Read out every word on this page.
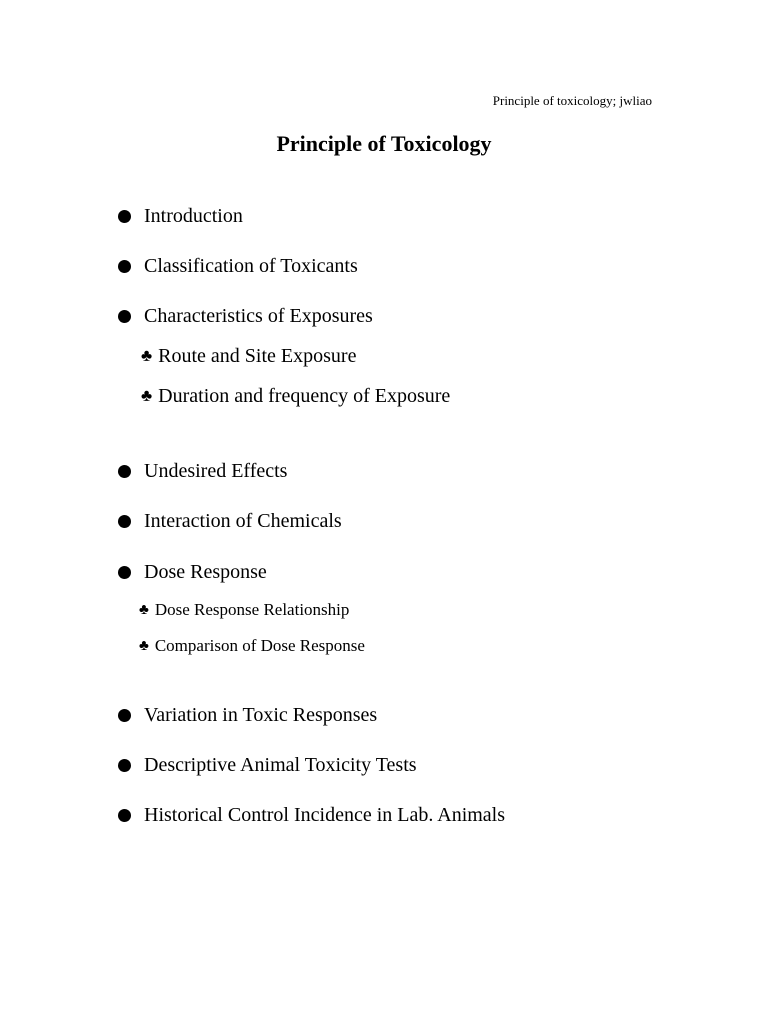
Principle of toxicology; jwliao
Principle of Toxicology
Introduction
Classification of Toxicants
Characteristics of Exposures
♣ Route and Site Exposure
♣ Duration and frequency of Exposure
Undesired Effects
Interaction of Chemicals
Dose Response
♣ Dose Response Relationship
♣ Comparison of Dose Response
Variation in Toxic Responses
Descriptive Animal Toxicity Tests
Historical Control Incidence in Lab. Animals
